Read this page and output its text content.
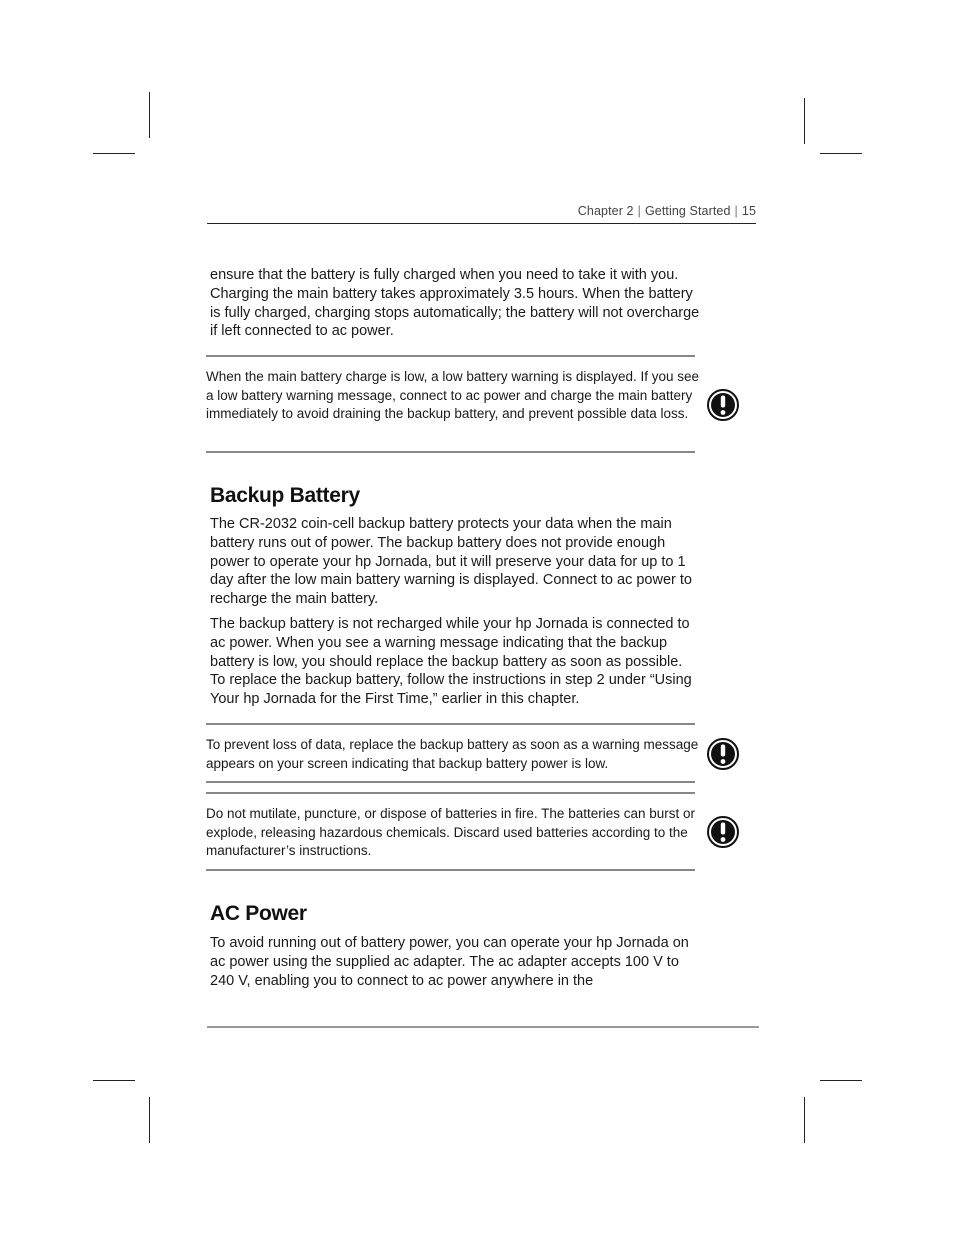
Chapter 2 | Getting Started | 15

ensure that the battery is fully charged when you need to take it with you. Charging the main battery takes approximately 3.5 hours. When the battery is fully charged, charging stops automatically; the battery will not overcharge if left connected to ac power.

When the main battery charge is low, a low battery warning is displayed. If you see a low battery warning message, connect to ac power and charge the main battery immediately to avoid draining the backup battery, and prevent possible data loss.

Backup Battery

The CR-2032 coin-cell backup battery protects your data when the main battery runs out of power. The backup battery does not provide enough power to operate your hp Jornada, but it will preserve your data for up to 1 day after the low main battery warning is displayed. Connect to ac power to recharge the main battery.

The backup battery is not recharged while your hp Jornada is connected to ac power. When you see a warning message indicating that the backup battery is low, you should replace the backup battery as soon as possible. To replace the backup battery, follow the instructions in step 2 under “Using Your hp Jornada for the First Time,” earlier in this chapter.

To prevent loss of data, replace the backup battery as soon as a warning message appears on your screen indicating that backup battery power is low.

Do not mutilate, puncture, or dispose of batteries in fire. The batteries can burst or explode, releasing hazardous chemicals. Discard used batteries according to the manufacturer’s instructions.

AC Power

To avoid running out of battery power, you can operate your hp Jornada on ac power using the supplied ac adapter. The ac adapter accepts 100 V to 240 V, enabling you to connect to ac power anywhere in the
